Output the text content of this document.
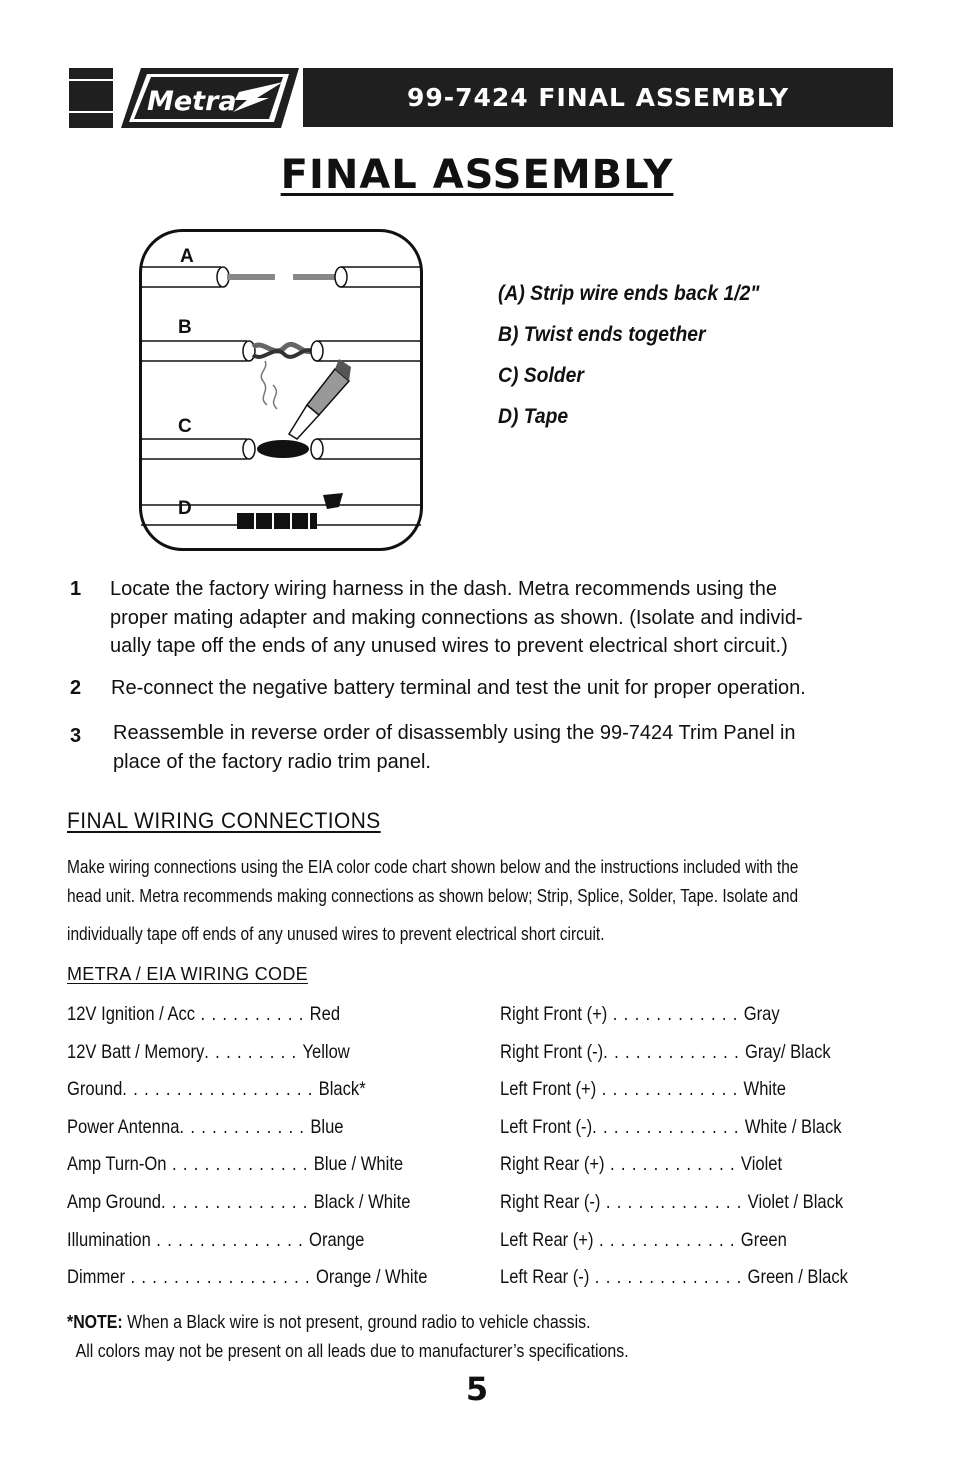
Metra	99-7424 FINAL ASSEMBLY
FINAL ASSEMBLY
A
B
C
D
(A) Strip wire ends back 1/2"
B) Twist ends together
C) Solder
D) Tape
1	Locate the factory wiring harness in the dash. Metra recommends using the
proper mating adapter and making connections as shown. (Isolate and individ-
ually tape off the ends of any unused wires to prevent electrical short circuit.)
2	Re-connect the negative battery terminal and test the unit for proper operation.
3	Reassemble in reverse order of disassembly using the 99-7424 Trim Panel in
place of the factory radio trim panel.
FINAL WIRING CONNECTIONS
Make wiring connections using the EIA color code chart shown below and the instructions included with the
head unit. Metra recommends making connections as shown below; Strip, Splice, Solder, Tape. Isolate and
individually tape off ends of any unused wires to prevent electrical short circuit.
METRA / EIA WIRING CODE
12V Ignition / Acc . . . . . . . . . . Red
12V Batt / Memory. . . . . . . . . Yellow
Ground. . . . . . . . . . . . . . . . . . Black*
Power Antenna. . . . . . . . . . . . Blue
Amp Turn-On . . . . . . . . . . . . . Blue / White
Amp Ground. . . . . . . . . . . . . . Black / White
Illumination . . . . . . . . . . . . . . Orange
Dimmer . . . . . . . . . . . . . . . . . Orange / White
Right Front (+) . . . . . . . . . . . . Gray
Right Front (-). . . . . . . . . . . . . Gray/ Black
Left Front (+) . . . . . . . . . . . . . White
Left Front (-). . . . . . . . . . . . . . White / Black
Right Rear (+) . . . . . . . . . . . . Violet
Right Rear (-) . . . . . . . . . . . . . Violet / Black
Left Rear (+) . . . . . . . . . . . . . Green
Left Rear (-) . . . . . . . . . . . . . . Green / Black
*NOTE: When a Black wire is not present, ground radio to vehicle chassis.
All colors may not be present on all leads due to manufacturer’s specifications.
5
